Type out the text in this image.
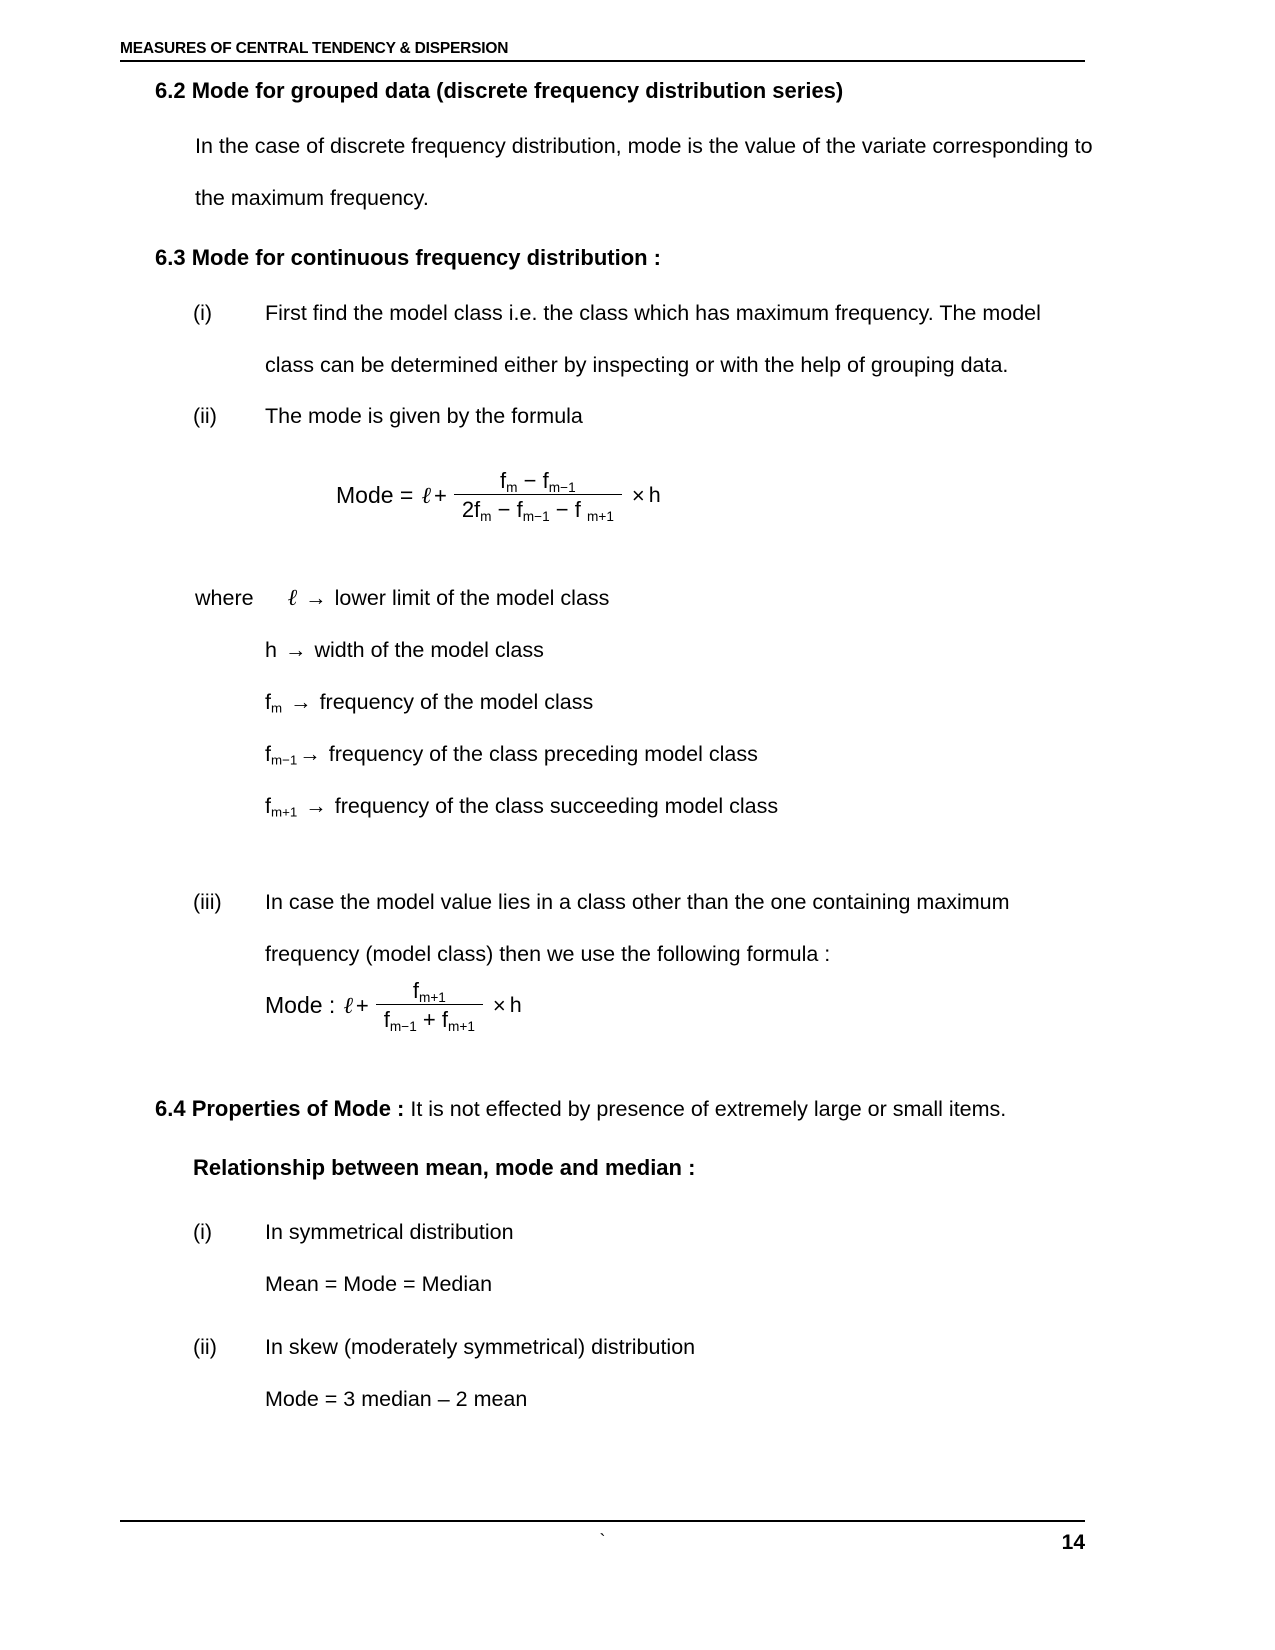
MEASURES OF CENTRAL TENDENCY & DISPERSION
6.2 Mode for grouped data (discrete frequency distribution series)
In the case of discrete frequency distribution, mode is the value of the variate corresponding to
the maximum frequency.
6.3 Mode for continuous frequency distribution :
(i) First find the model class i.e. the class which has maximum frequency. The model
class can be determined either by inspecting or with the help of grouping data.
(ii) The mode is given by the formula
Mode = ℓ +
$f_m - f_{m-1}$
$2f_m - f_{m-1} - f$ $_{m+1}$
× h
where ℓ → lower limit of the model class
h → width of the model class
$f_m$ → frequency of the model class
$f_{m-1}\to$ frequency of the class preceding model class
$f_{m+1}$ → frequency of the class succeeding model class
(iii) In case the model value lies in a class other than the one containing maximum
frequency (model class) then we use the following formula :
Mode : ℓ + $\frac{f_{m+1}}{f_{m-1} + f_{m+1}} \times h$
6.4 Properties of Mode : It is not effected by presence of extremely large or small items.
Relationship between mean, mode and median :
(i) In symmetrical distribution
Mean = Mode = Median
(ii) In skew (moderately symmetrical) distribution
Mode = 3 median – 2 mean
`	14
